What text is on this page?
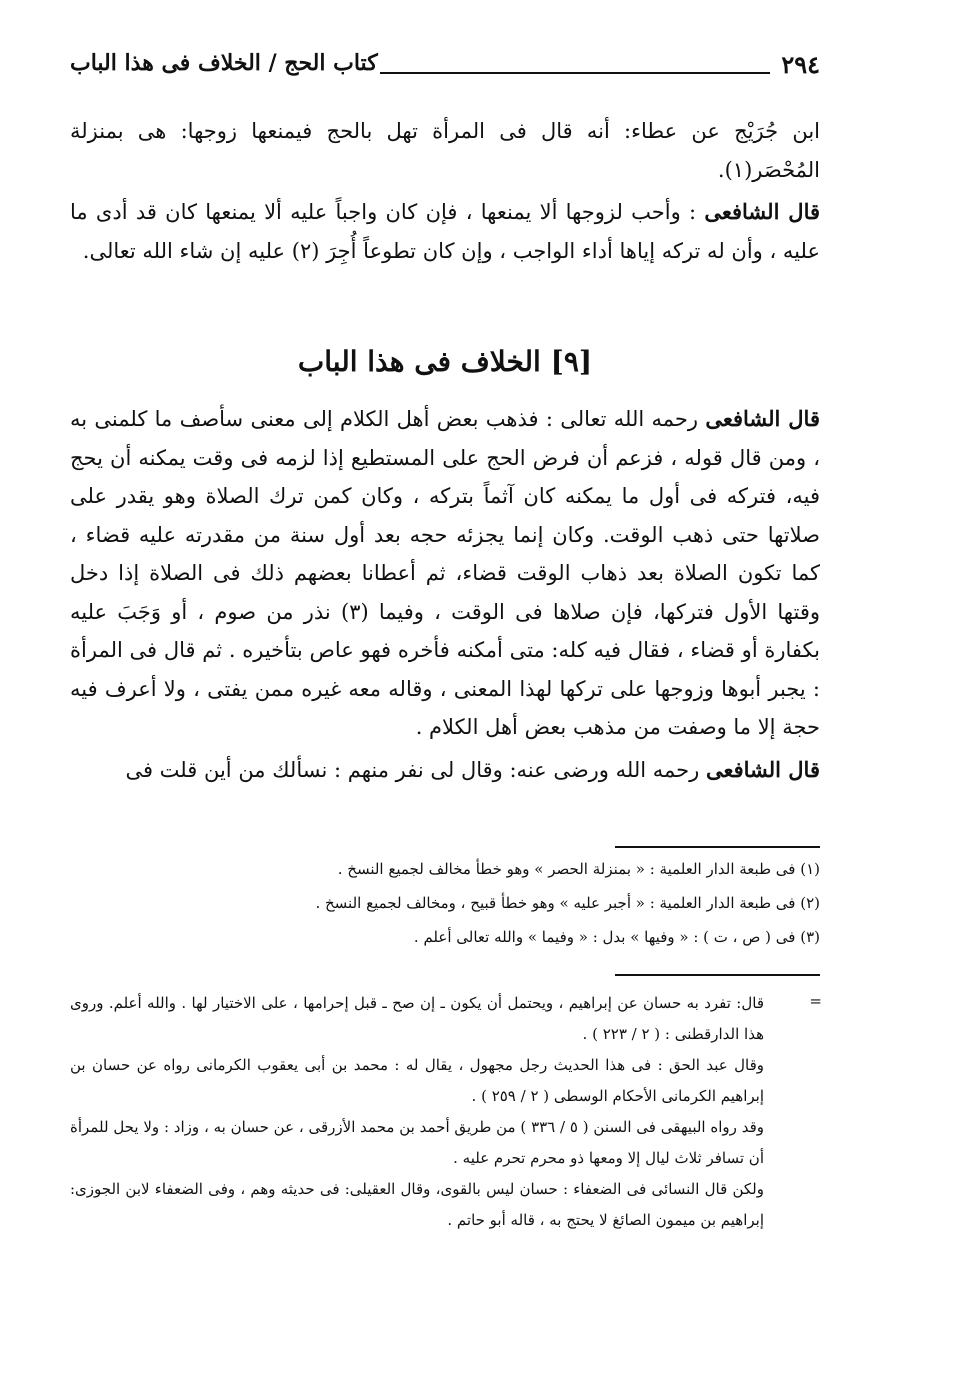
٢٩٤
كتاب الحج / الخلاف فى هذا الباب

ابن جُرَيْج عن عطاء: أنه قال فى المرأة تهل بالحج فيمنعها زوجها: هى بمنزلة المُحْصَر(١).

قال الشافعى : وأحب لزوجها ألا يمنعها ، فإن كان واجباً عليه ألا يمنعها كان قد أدى ما عليه ، وأن له تركه إياها أداء الواجب ، وإن كان تطوعاً أُجِرَ (٢) عليه إن شاء الله تعالى.

[٩] الخلاف فى هذا الباب

قال الشافعى رحمه الله تعالى : فذهب بعض أهل الكلام إلى معنى سأصف ما كلمنى به ، ومن قال قوله ، فزعم أن فرض الحج على المستطيع إذا لزمه فى وقت يمكنه أن يحج فيه، فتركه فى أول ما يمكنه كان آثماً بتركه ، وكان كمن ترك الصلاة وهو يقدر على صلاتها حتى ذهب الوقت. وكان إنما يجزئه حجه بعد أول سنة من مقدرته عليه قضاء ، كما تكون الصلاة بعد ذهاب الوقت قضاء، ثم أعطانا بعضهم ذلك فى الصلاة إذا دخل وقتها الأول فتركها، فإن صلاها فى الوقت ، وفيما (٣) نذر من صوم ، أو وَجَبَ عليه بكفارة أو قضاء ، فقال فيه كله: متى أمكنه فأخره فهو عاص بتأخيره . ثم قال فى المرأة : يجبر أبوها وزوجها على تركها لهذا المعنى ، وقاله معه غيره ممن يفتى ، ولا أعرف فيه حجة إلا ما وصفت من مذهب بعض أهل الكلام .

قال الشافعى رحمه الله ورضى عنه: وقال لى نفر منهم : نسألك من أين قلت فى

(١) فى طبعة الدار العلمية : « بمنزلة الحصر » وهو خطأ مخالف لجميع النسخ .

(٢) فى طبعة الدار العلمية : « أجبر عليه » وهو خطأ قبيح ، ومخالف لجميع النسخ .

(٣) فى ( ص ، ت ) : « وفيها » بدل : « وفيما » والله تعالى أعلم .

=

قال: تفرد به حسان عن إبراهيم ، ويحتمل أن يكون ـ إن صح ـ قبل إحرامها ، على الاختيار لها . والله أعلم. وروى هذا الدارقطنى : ( ٢ / ٢٢٣ ) .

وقال عبد الحق : فى هذا الحديث رجل مجهول ، يقال له : محمد بن أبى يعقوب الكرمانى رواه عن حسان بن إبراهيم الكرمانى الأحكام الوسطى ( ٢ / ٢٥٩ ) .

وقد رواه البيهقى فى السنن ( ٥ / ٣٣٦ ) من طريق أحمد بن محمد الأزرقى ، عن حسان به ، وزاد : ولا يحل للمرأة أن تسافر ثلاث ليال إلا ومعها ذو محرم تحرم عليه .

ولكن قال النسائى فى الضعفاء : حسان ليس بالقوى، وقال العقيلى: فى حديثه وهم ، وفى الضعفاء لابن الجوزى: إبراهيم بن ميمون الصائغ لا يحتج به ، قاله أبو حاتم .
